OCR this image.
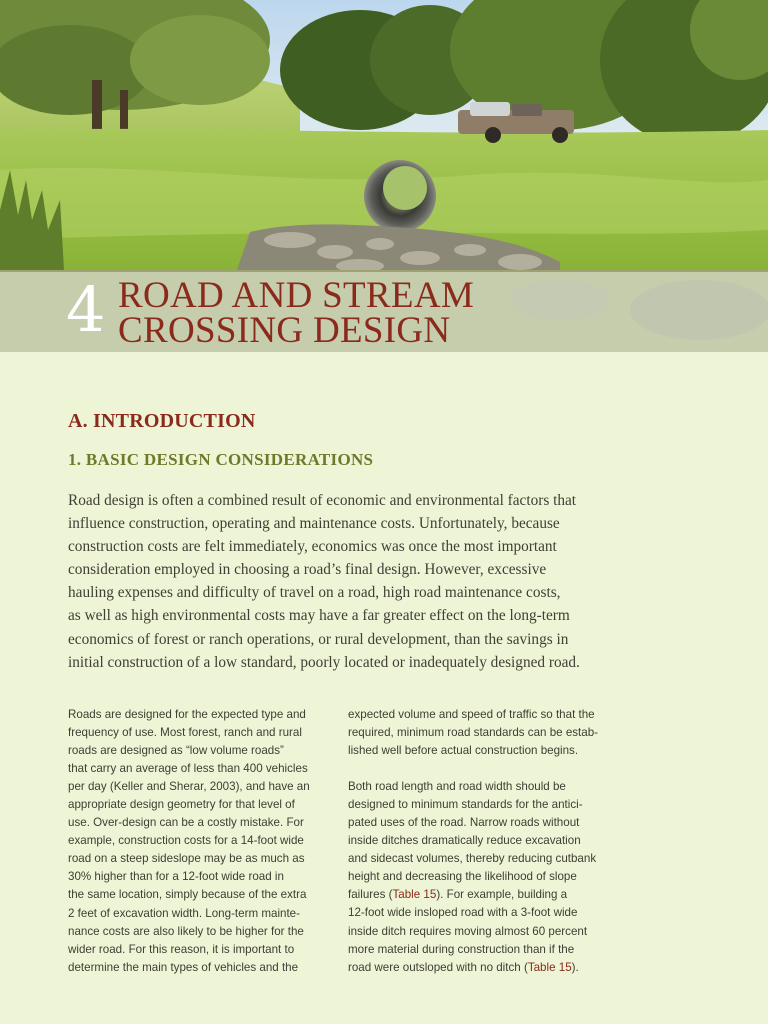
4 ROAD AND STREAM
CROSSING DESIGN
A. INTRODUCTION
1. BASIC DESIGN CONSIDERATIONS

Road design is often a combined result of economic and environmental factors that
influence construction, operating and maintenance costs. Unfortunately, because
construction costs are felt immediately, economics was once the most important
consideration employed in choosing a road’s final design. However, excessive
hauling expenses and difficulty of travel on a road, high road maintenance costs,
as well as high environmental costs may have a far greater effect on the long-term
economics of forest or ranch operations, or rural development, than the savings in
initial construction of a low standard, poorly located or inadequately designed road.

Roads are designed for the expected type and
frequency of use. Most forest, ranch and rural
roads are designed as “low volume roads”
that carry an average of less than 400 vehicles
per day (Keller and Sherar, 2003), and have an
appropriate design geometry for that level of
use. Over-design can be a costly mistake. For
example, construction costs for a 14-foot wide
road on a steep sideslope may be as much as
30% higher than for a 12-foot wide road in
the same location, simply because of the extra
2 feet of excavation width. Long-term mainte-
nance costs are also likely to be higher for the
wider road. For this reason, it is important to
determine the main types of vehicles and the

expected volume and speed of traffic so that the
required, minimum road standards can be estab-
lished well before actual construction begins.

Both road length and road width should be
designed to minimum standards for the antici-
pated uses of the road. Narrow roads without
inside ditches dramatically reduce excavation
and sidecast volumes, thereby reducing cutbank
height and decreasing the likelihood of slope
failures (Table 15). For example, building a
12-foot wide insloped road with a 3-foot wide
inside ditch requires moving almost 60 percent
more material during construction than if the
road were outsloped with no ditch (Table 15).
